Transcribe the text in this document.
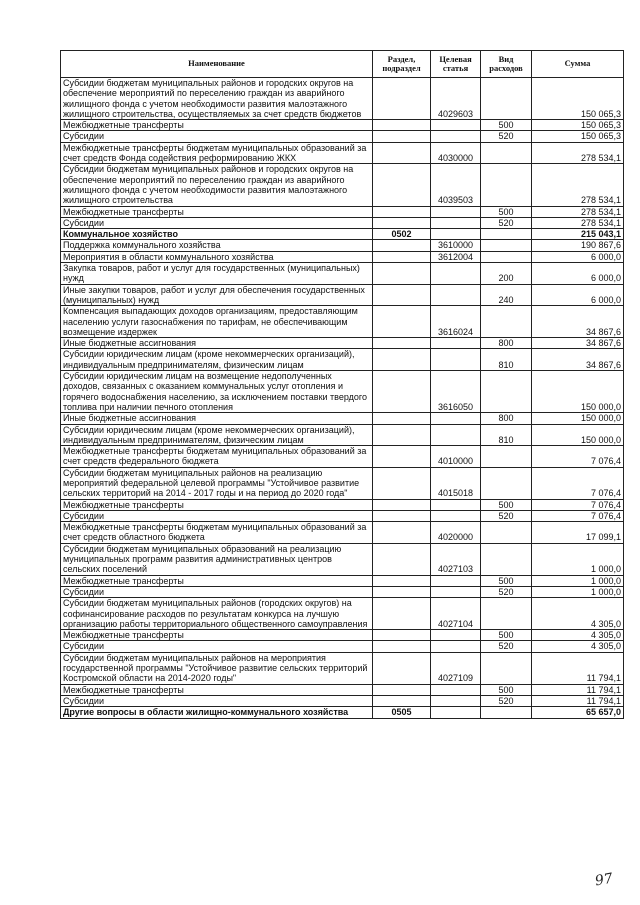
Наименование	Раздел, подраздел	Целевая статья	Вид расходов	Сумма
Субсидии бюджетам муниципальных районов и городских округов на обеспечение мероприятий по переселению граждан из аварийного жилищного фонда с учетом необходимости развития малоэтажного жилищного строительства, осуществляемых за счет средств бюджетов		4029603		150 065,3
Межбюджетные трансферты			500	150 065,3
Субсидии			520	150 065,3
Межбюджетные трансферты бюджетам муниципальных образований за счет средств Фонда содействия реформированию ЖКХ		4030000		278 534,1
Субсидии бюджетам муниципальных районов и городских округов на обеспечение мероприятий по переселению граждан из аварийного жилищного фонда с учетом необходимости развития малоэтажного жилищного строительства		4039503		278 534,1
Межбюджетные трансферты			500	278 534,1
Субсидии			520	278 534,1
Коммунальное хозяйство	0502			215 043,1
Поддержка коммунального хозяйства		3610000		190 867,6
Мероприятия в области коммунального хозяйства		3612004		6 000,0
Закупка товаров, работ и услуг для государственных (муниципальных) нужд			200	6 000,0
Иные закупки товаров, работ и услуг для обеспечения государственных (муниципальных) нужд			240	6 000,0
Компенсация выпадающих доходов организациям, предоставляющим населению услуги газоснабжения по тарифам, не обеспечивающим возмещение издержек		3616024		34 867,6
Иные бюджетные ассигнования			800	34 867,6
Субсидии юридическим лицам (кроме некоммерческих организаций), индивидуальным предпринимателям, физическим лицам			810	34 867,6
Субсидии юридическим лицам на возмещение недополученных доходов, связанных с оказанием коммунальных услуг отопления и горячего водоснабжения населению, за исключением поставки твердого топлива при наличии печного отопления		3616050		150 000,0
Иные бюджетные ассигнования			800	150 000,0
Субсидии юридическим лицам (кроме некоммерческих организаций), индивидуальным предпринимателям, физическим лицам			810	150 000,0
Межбюджетные трансферты бюджетам муниципальных образований за счет средств федерального бюджета		4010000		7 076,4
Субсидии бюджетам муниципальных районов на реализацию мероприятий федеральной целевой программы "Устойчивое развитие сельских территорий на 2014 - 2017 годы и на период до 2020 года"		4015018		7 076,4
Межбюджетные трансферты			500	7 076,4
Субсидии			520	7 076,4
Межбюджетные трансферты бюджетам муниципальных образований за счет средств областного бюджета		4020000		17 099,1
Субсидии бюджетам муниципальных образований на реализацию муниципальных программ развития административных центров сельских поселений		4027103		1 000,0
Межбюджетные трансферты			500	1 000,0
Субсидии			520	1 000,0
Субсидии бюджетам муниципальных районов (городских округов) на софинансирование расходов по результатам конкурса на лучшую организацию работы территориального общественного самоуправления		4027104		4 305,0
Межбюджетные трансферты			500	4 305,0
Субсидии			520	4 305,0
Субсидии бюджетам муниципальных районов на мероприятия государственной программы "Устойчивое развитие сельских территорий Костромской области на 2014-2020 годы"		4027109		11 794,1
Межбюджетные трансферты			500	11 794,1
Субсидии			520	11 794,1
Другие вопросы в области жилищно-коммунального хозяйства	0505			65 657,0
97
